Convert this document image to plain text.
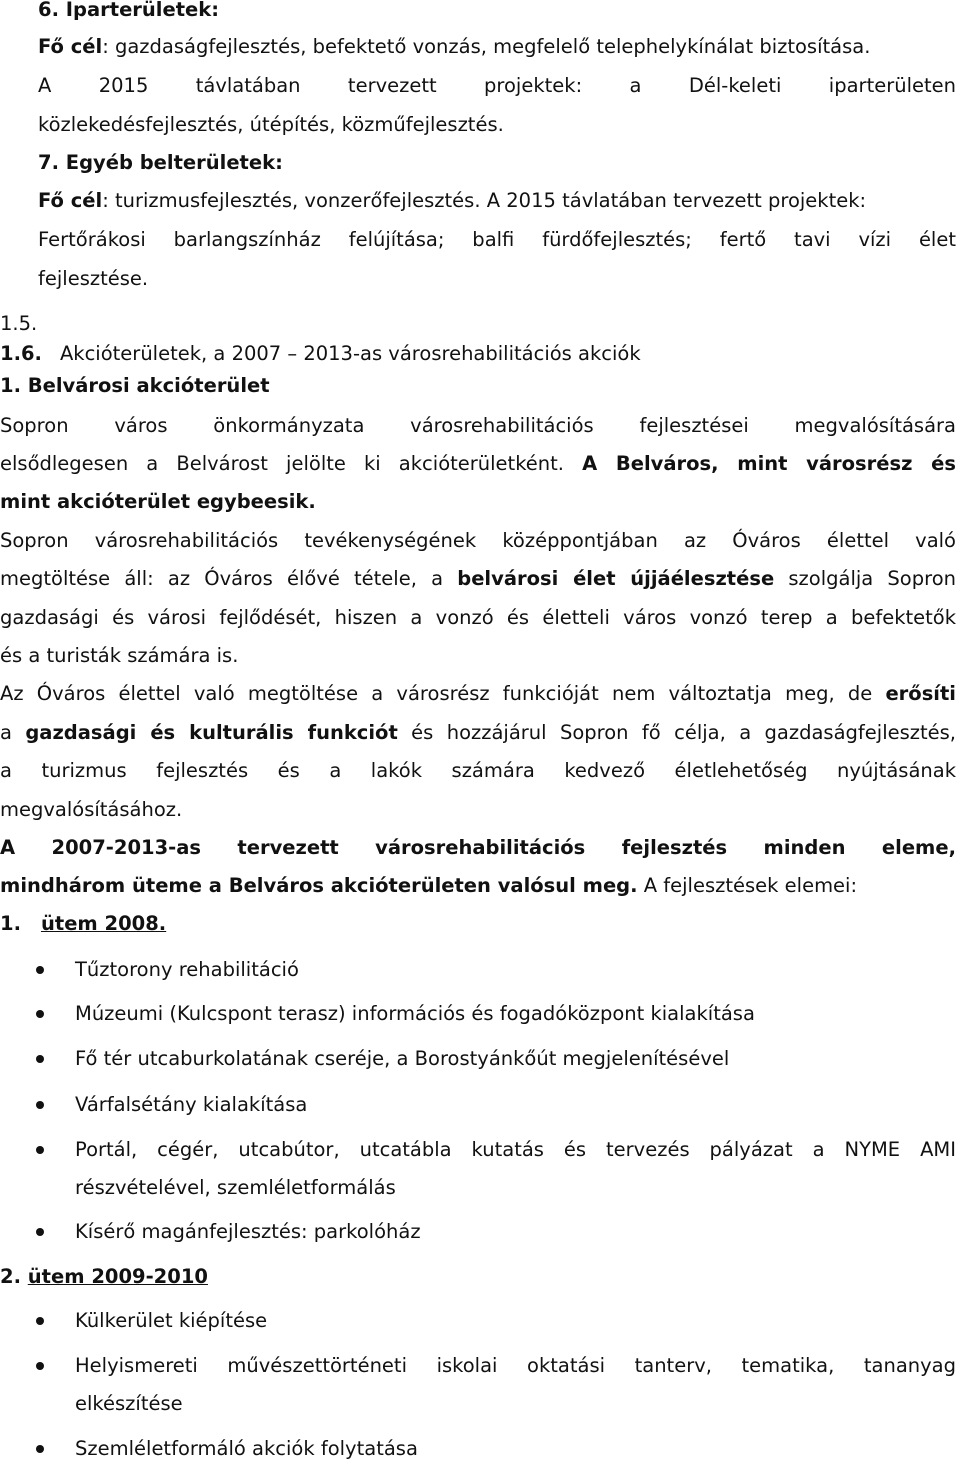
6. Iparterületek:
Fő cél: gazdaságfejlesztés, befektető vonzás, megfelelő telephelykínálat biztosítása.
A 2015 távlatában tervezett projektek: a Dél-keleti iparterületen
közlekedésfejlesztés, útépítés, közműfejlesztés.
7. Egyéb belterületek:
Fő cél: turizmusfejlesztés, vonzerőfejlesztés. A 2015 távlatában tervezett projektek:
Fertőrákosi barlangszínház felújítása; balfi fürdőfejlesztés; fertő tavi vízi élet
fejlesztése.
1.5.
1.6. Akcióterületek, a 2007 – 2013-as városrehabilitációs akciók
1. Belvárosi akcióterület
Sopron város önkormányzata városrehabilitációs fejlesztései megvalósítására
elsődlegesen a Belvárost jelölte ki akcióterületként. A Belváros, mint városrész és
mint akcióterület egybeesik.
Sopron városrehabilitációs tevékenységének középpontjában az Óváros élettel való
megtöltése áll: az Óváros élővé tétele, a belvárosi élet újjáélesztése szolgálja Sopron
gazdasági és városi fejlődését, hiszen a vonzó és életteli város vonzó terep a befektetők
és a turisták számára is.
Az Óváros élettel való megtöltése a városrész funkcióját nem változtatja meg, de erősíti
a gazdasági és kulturális funkciót és hozzájárul Sopron fő célja, a gazdaságfejlesztés,
a turizmus fejlesztés és a lakók számára kedvező életlehetőség nyújtásának
megvalósításához.
A 2007-2013-as tervezett városrehabilitációs fejlesztés minden eleme,
mindhárom üteme a Belváros akcióterületen valósul meg. A fejlesztések elemei:
1. ütem 2008.
Tűztorony rehabilitáció
Múzeumi (Kulcspont terasz) információs és fogadóközpont kialakítása
Fő tér utcaburkolatának cseréje, a Borostyánkőút megjelenítésével
Várfalsétány kialakítása
Portál, cégér, utcabútor, utcatábla kutatás és tervezés pályázat a NYME AMI
részvételével, szemléletformálás
Kísérő magánfejlesztés: parkolóház
2. ütem 2009-2010
Külkerület kiépítése
Helyismereti művészettörténeti iskolai oktatási tanterv, tematika, tananyag
elkészítése
Szemléletformáló akciók folytatása
